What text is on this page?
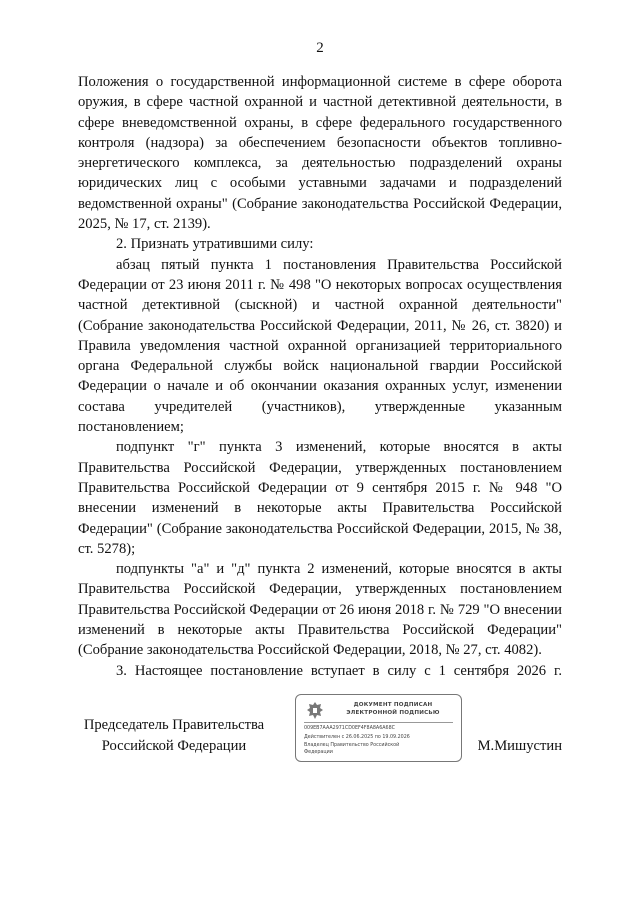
2

Положения о государственной информационной системе в сфере оборота оружия, в сфере частной охранной и частной детективной деятельности, в сфере вневедомственной охраны, в сфере федерального государственного контроля (надзора) за обеспечением безопасности объектов топливно-энергетического комплекса, за деятельностью подразделений охраны юридических лиц с особыми уставными задачами и подразделений ведомственной охраны" (Собрание законодательства Российской Федерации, 2025, № 17, ст. 2139).

2. Признать утратившими силу:

абзац пятый пункта 1 постановления Правительства Российской Федерации от 23 июня 2011 г. № 498 "О некоторых вопросах осуществления частной детективной (сыскной) и частной охранной деятельности" (Собрание законодательства Российской Федерации, 2011, № 26, ст. 3820) и Правила уведомления частной охранной организацией территориального органа Федеральной службы войск национальной гвардии Российской Федерации о начале и об окончании оказания охранных услуг, изменении состава учредителей (участников), утвержденные указанным постановлением;

подпункт "г" пункта 3 изменений, которые вносятся в акты Правительства Российской Федерации, утвержденных постановлением Правительства Российской Федерации от 9 сентября 2015 г. № 948 "О внесении изменений в некоторые акты Правительства Российской Федерации" (Собрание законодательства Российской Федерации, 2015, № 38, ст. 5278);

подпункты "а" и "д" пункта 2 изменений, которые вносятся в акты Правительства Российской Федерации, утвержденных постановлением Правительства Российской Федерации от 26 июня 2018 г. № 729 "О внесении изменений в некоторые акты Правительства Российской Федерации" (Собрание законодательства Российской Федерации, 2018, № 27, ст. 4082).

3. Настоящее постановление вступает в силу с 1 сентября 2026 г.

Председатель Правительства
Российской Федерации
ДОКУМЕНТ ПОДПИСАН
ЭЛЕКТРОННОЙ ПОДПИСЬЮ
009EB7AAA2971CD0EF4F8A8A6A68C
Действителен с 26.06.2025 по 19.09.2026
Владелец Правительство Российской
Федерации	М.Мишустин
